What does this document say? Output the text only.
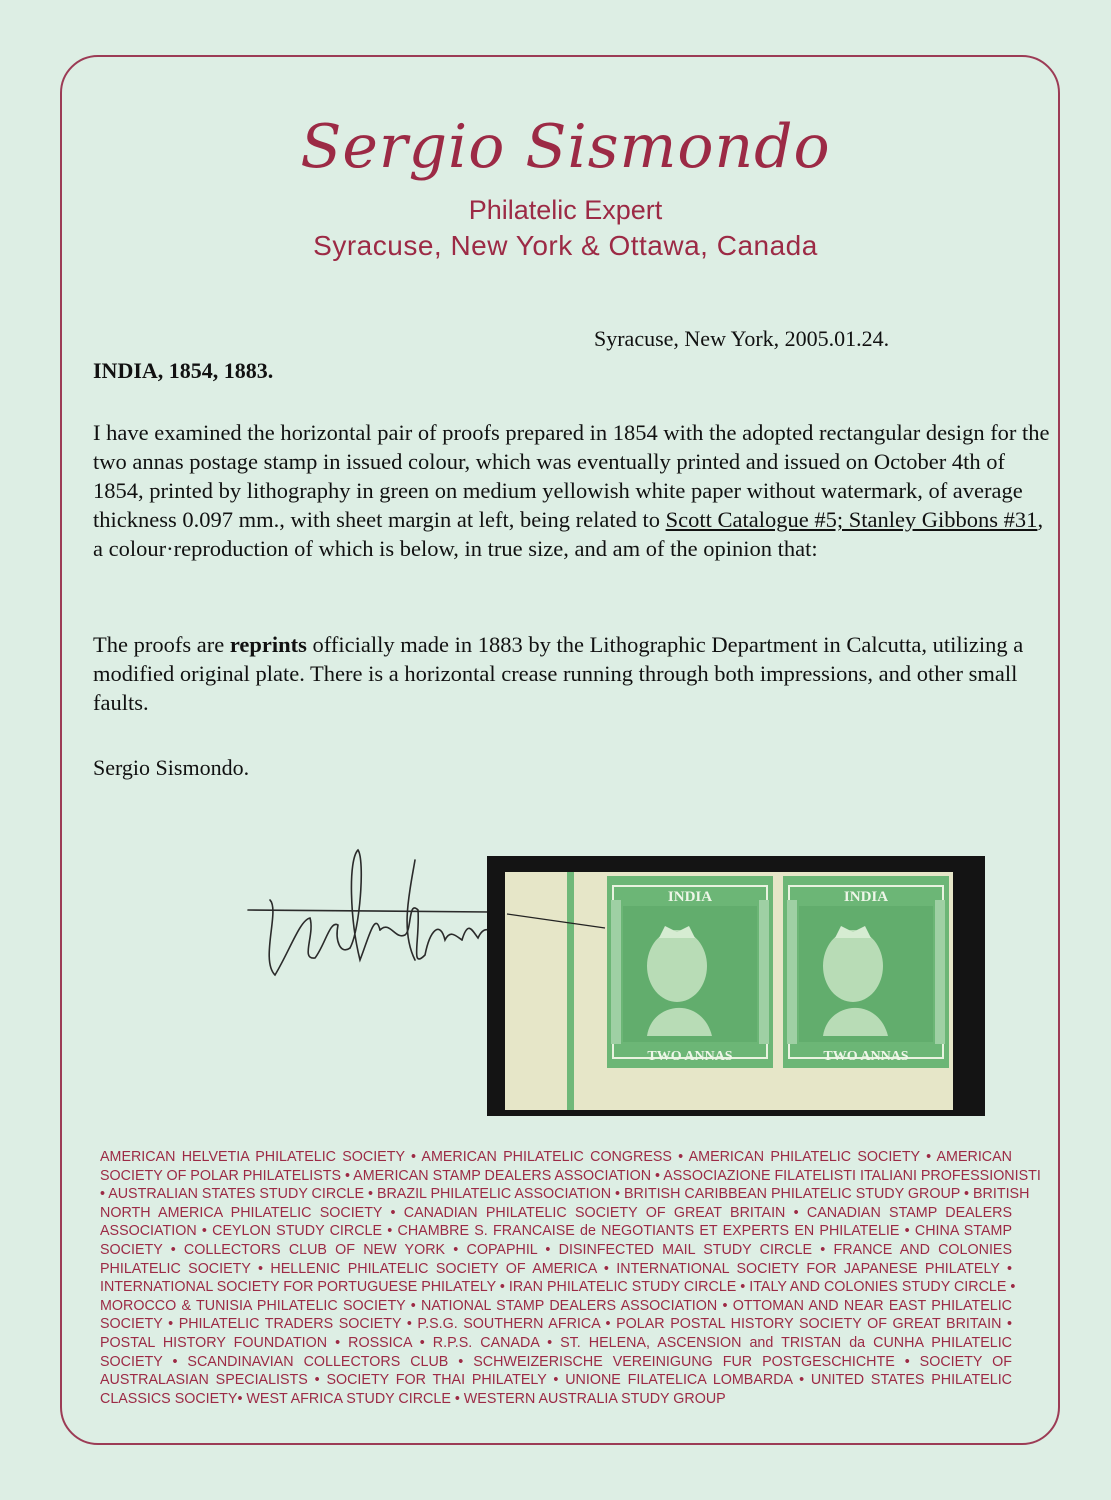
Sergio Sismondo
Philatelic Expert
Syracuse, New York & Ottawa, Canada
Syracuse, New York, 2005.01.24.
INDIA, 1854, 1883.
I have examined the horizontal pair of proofs prepared in 1854 with the adopted rectangular design for the two annas postage stamp in issued colour, which was eventually printed and issued on October 4th of 1854, printed by lithography in green on medium yellowish white paper without watermark, of average thickness 0.097 mm., with sheet margin at left, being related to Scott Catalogue #5; Stanley Gibbons #31, a colour·reproduction of which is below, in true size, and am of the opinion that:
The proofs are reprints officially made in 1883 by the Lithographic Department in Calcutta, utilizing a modified original plate. There is a horizontal crease running through both impressions, and other small faults.
Sergio Sismondo.
INDIA	INDIA
TWO ANNAS	TWO ANNAS
AMERICAN HELVETIA PHILATELIC SOCIETY • AMERICAN PHILATELIC CONGRESS • AMERICAN PHILATELIC SOCIETY • AMERICAN
SOCIETY OF POLAR PHILATELISTS • AMERICAN STAMP DEALERS ASSOCIATION • ASSOCIAZIONE FILATELISTI ITALIANI PROFESSIONISTI
• AUSTRALIAN STATES STUDY CIRCLE • BRAZIL PHILATELIC ASSOCIATION • BRITISH CARIBBEAN PHILATELIC STUDY GROUP • BRITISH
NORTH AMERICA PHILATELIC SOCIETY • CANADIAN PHILATELIC SOCIETY OF GREAT BRITAIN • CANADIAN STAMP DEALERS
ASSOCIATION • CEYLON STUDY CIRCLE • CHAMBRE S. FRANCAISE de NEGOTIANTS ET EXPERTS EN PHILATELIE • CHINA STAMP
SOCIETY • COLLECTORS CLUB OF NEW YORK • COPAPHIL • DISINFECTED MAIL STUDY CIRCLE • FRANCE AND COLONIES
PHILATELIC SOCIETY • HELLENIC PHILATELIC SOCIETY OF AMERICA • INTERNATIONAL SOCIETY FOR JAPANESE PHILATELY •
INTERNATIONAL SOCIETY FOR PORTUGUESE PHILATELY • IRAN PHILATELIC STUDY CIRCLE • ITALY AND COLONIES STUDY CIRCLE •
MOROCCO & TUNISIA PHILATELIC SOCIETY • NATIONAL STAMP DEALERS ASSOCIATION • OTTOMAN AND NEAR EAST PHILATELIC
SOCIETY • PHILATELIC TRADERS SOCIETY • P.S.G. SOUTHERN AFRICA • POLAR POSTAL HISTORY SOCIETY OF GREAT BRITAIN •
POSTAL HISTORY FOUNDATION • ROSSICA • R.P.S. CANADA • ST. HELENA, ASCENSION and TRISTAN da CUNHA PHILATELIC
SOCIETY • SCANDINAVIAN COLLECTORS CLUB • SCHWEIZERISCHE VEREINIGUNG FUR POSTGESCHICHTE • SOCIETY OF
AUSTRALASIAN SPECIALISTS • SOCIETY FOR THAI PHILATELY • UNIONE FILATELICA LOMBARDA • UNITED STATES PHILATELIC
CLASSICS SOCIETY• WEST AFRICA STUDY CIRCLE • WESTERN AUSTRALIA STUDY GROUP
